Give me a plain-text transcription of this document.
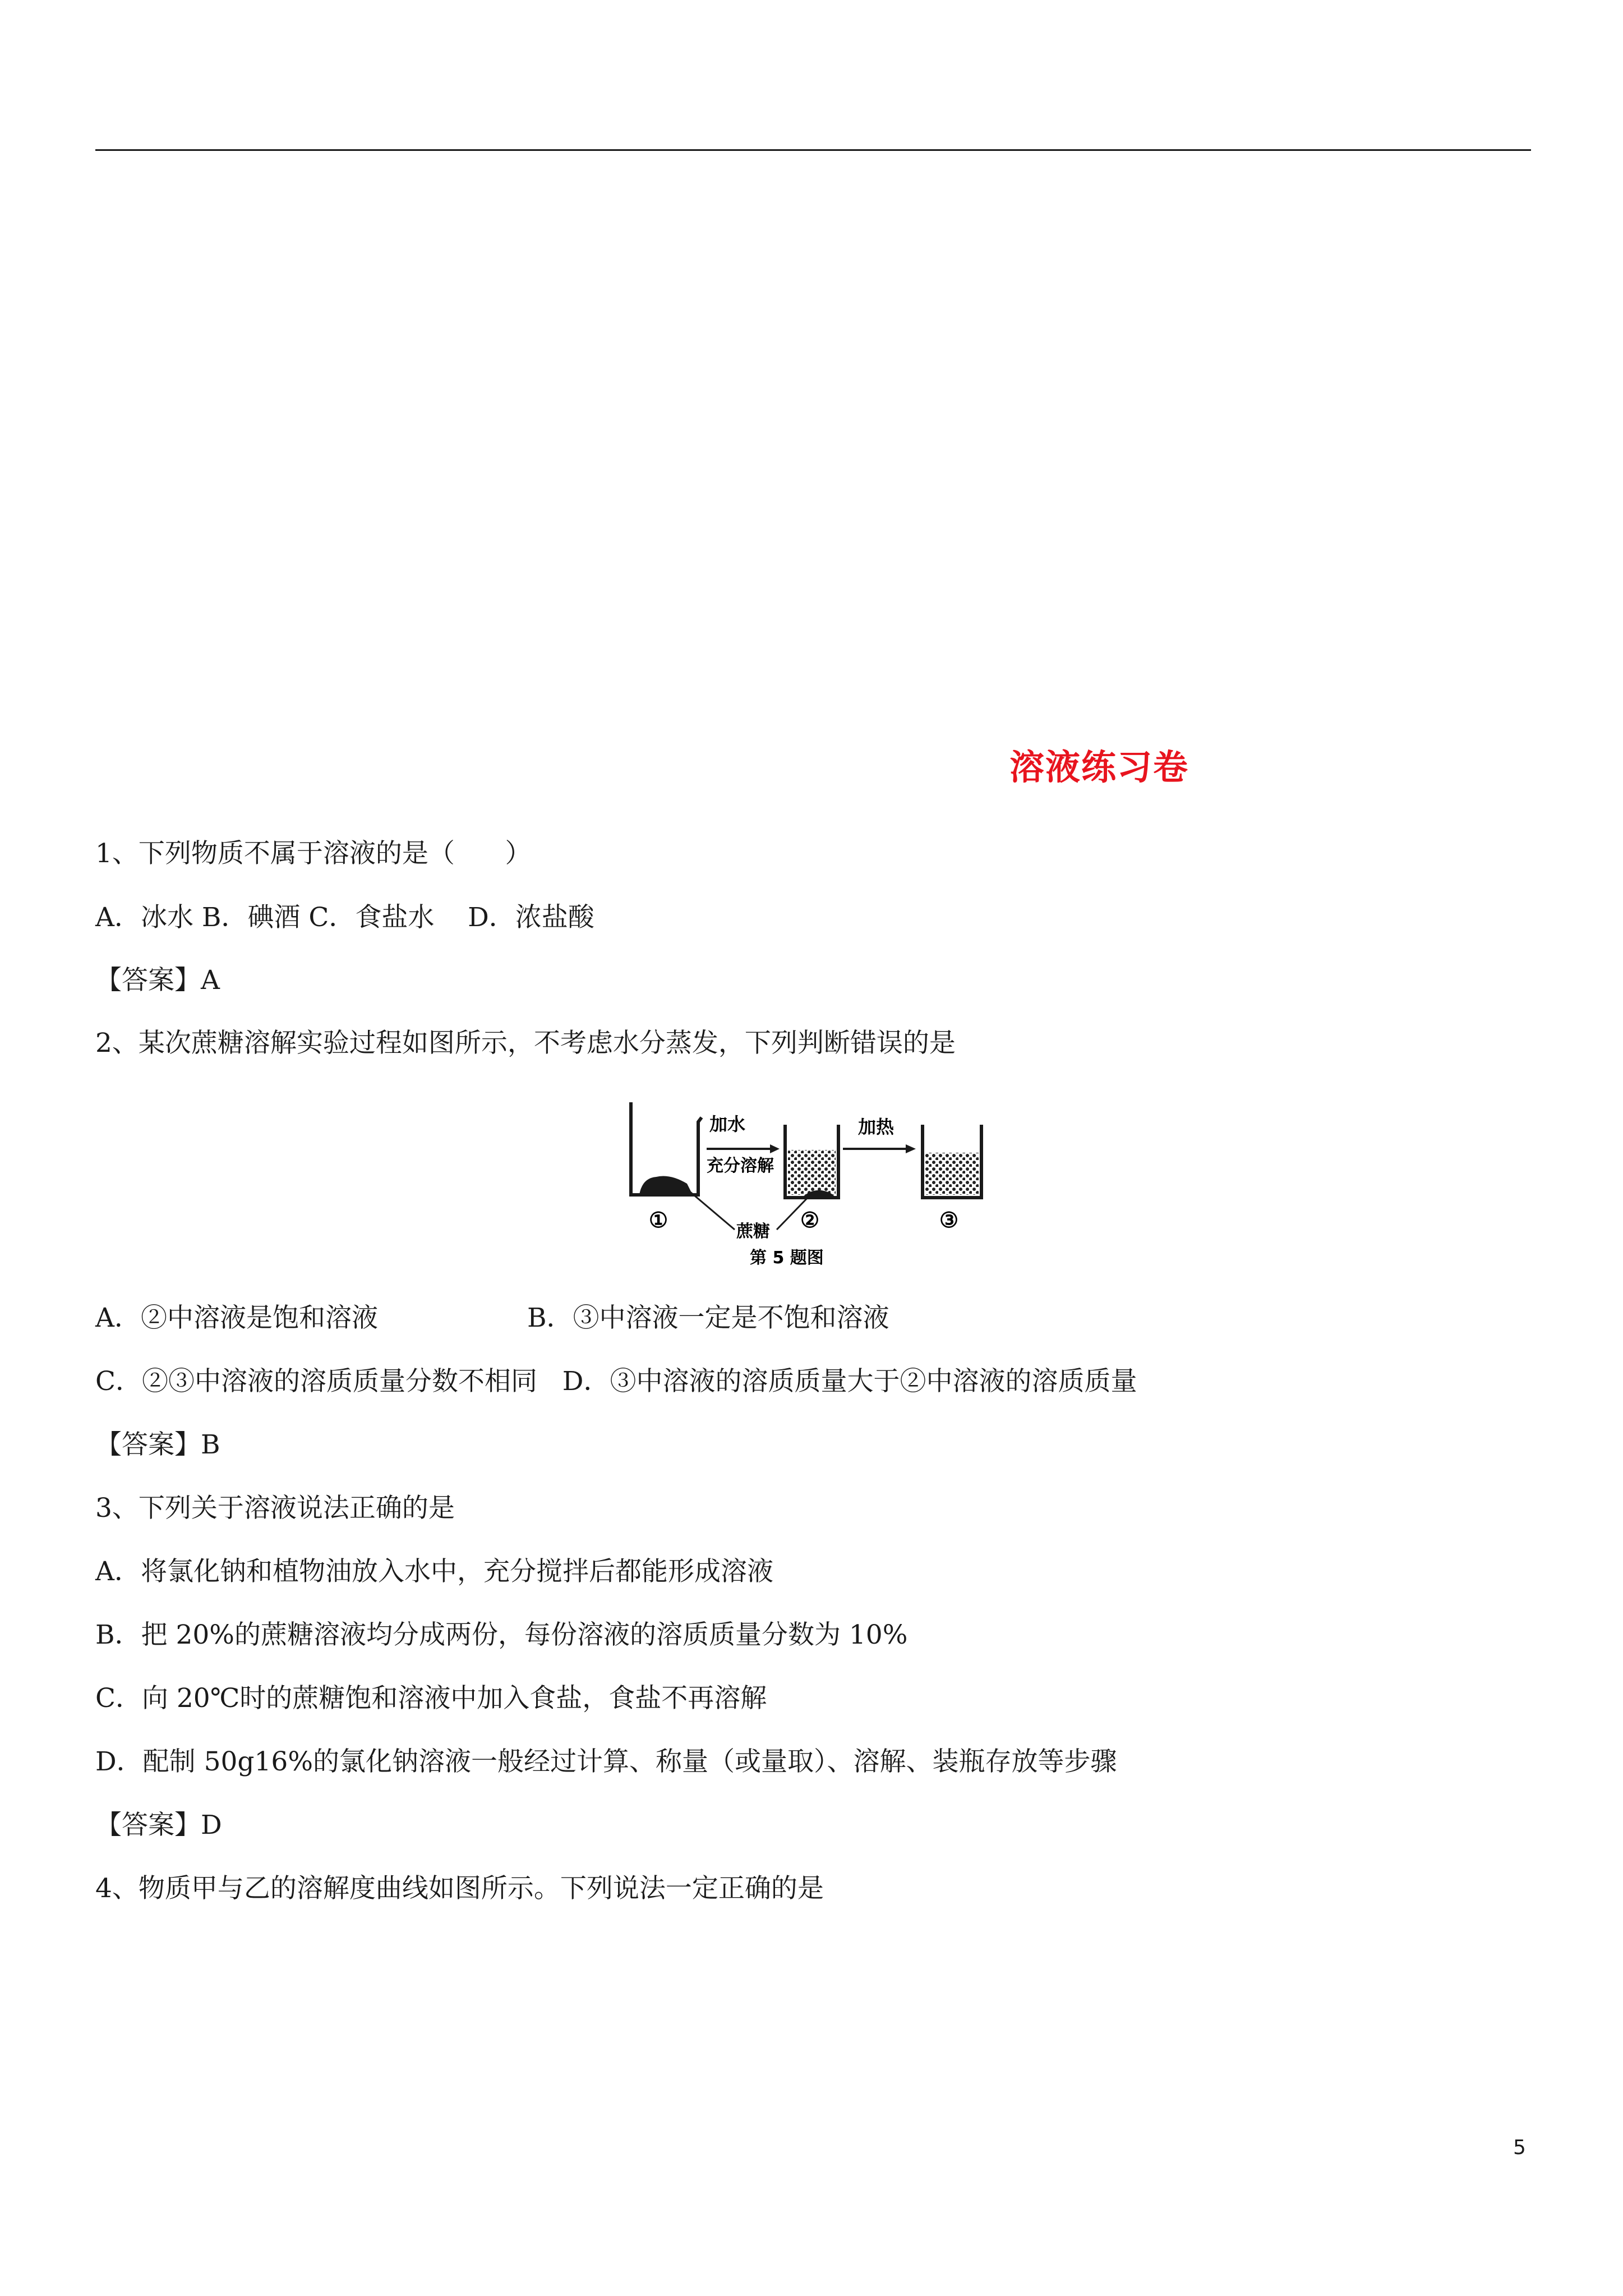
溶液练习卷
1、下列物质不属于溶液的是（      ）
A．冰水 B．碘酒 C．食盐水    D．浓盐酸
【答案】A
2、某次蔗糖溶解实验过程如图所示，不考虑水分蒸发，下列判断错误的是
加水
充分溶解
加热
蔗糖
①	②	③
第 5 题图
A．②中溶液是饱和溶液	B．③中溶液一定是不饱和溶液
C．②③中溶液的溶质质量分数不相同   D．③中溶液的溶质质量大于②中溶液的溶质质量
【答案】B
3、下列关于溶液说法正确的是
A．将氯化钠和植物油放入水中，充分搅拌后都能形成溶液
B．把 20%的蔗糖溶液均分成两份，每份溶液的溶质质量分数为 10%
C．向 20℃时的蔗糖饱和溶液中加入食盐，食盐不再溶解
D．配制 50g16%的氯化钠溶液一般经过计算、称量（或量取）、溶解、装瓶存放等步骤
【答案】D
4、物质甲与乙的溶解度曲线如图所示。下列说法一定正确的是
5
